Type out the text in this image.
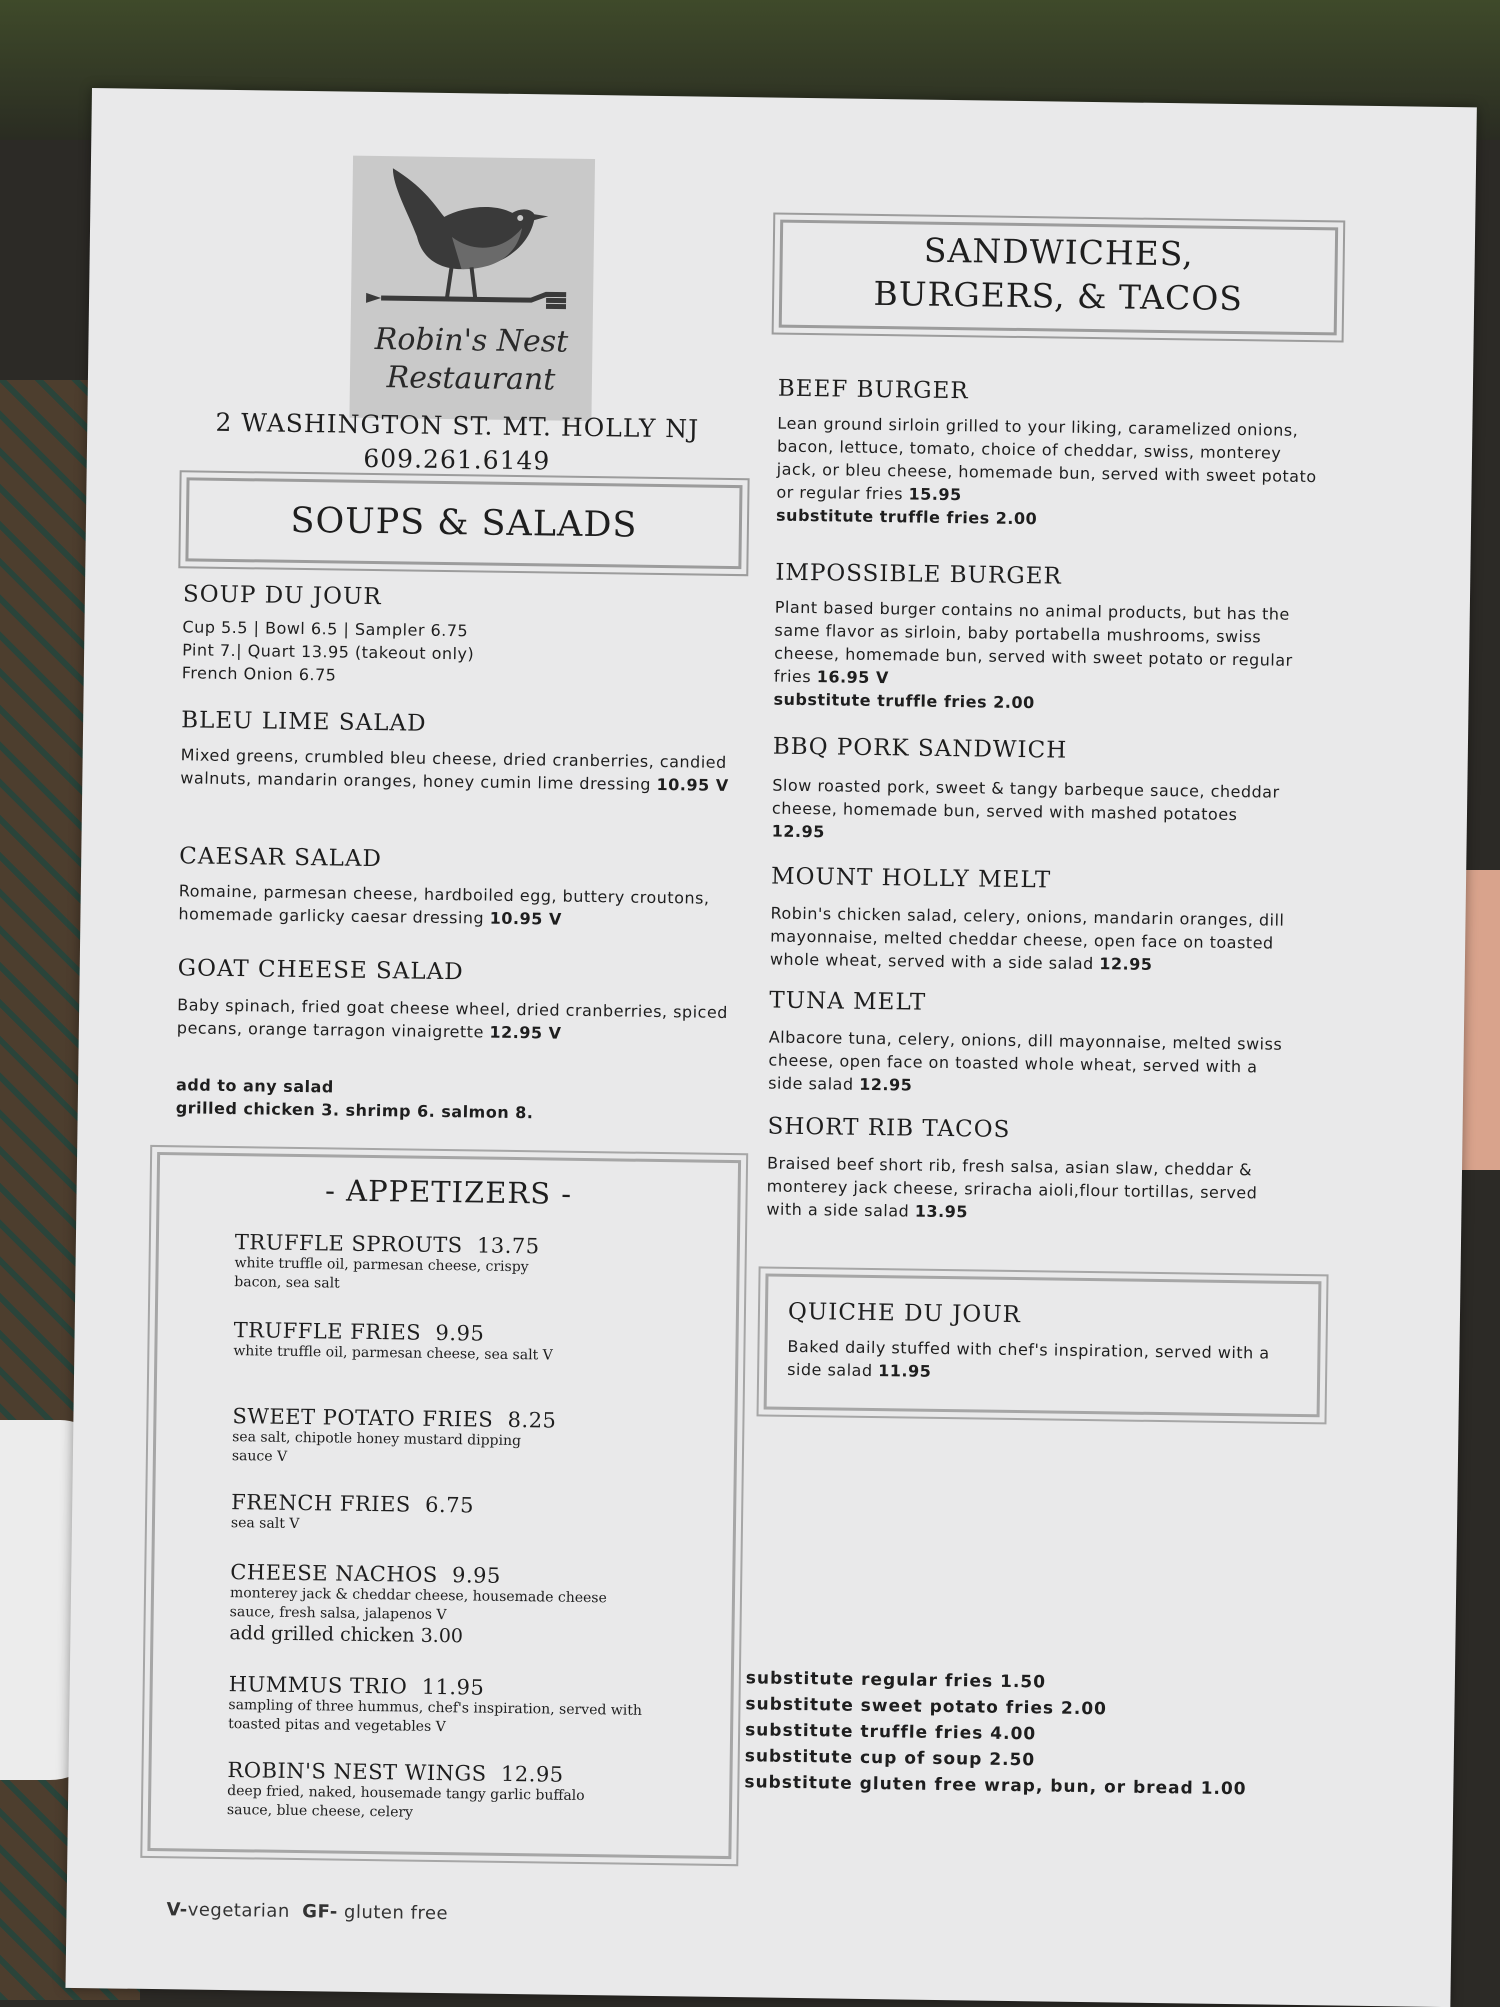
Robin's Nest
Restaurant
2 WASHINGTON ST. MT. HOLLY NJ
609.261.6149
SOUPS & SALADS
SOUP DU JOUR
Cup 5.5 | Bowl 6.5 | Sampler 6.75
Pint 7.| Quart 13.95 (takeout only)
French Onion 6.75
BLEU LIME SALAD
Mixed greens, crumbled bleu cheese, dried cranberries, candied walnuts, mandarin oranges, honey cumin lime dressing 10.95 V
CAESAR SALAD
Romaine, parmesan cheese, hardboiled egg, buttery croutons, homemade garlicky caesar dressing 10.95 V
GOAT CHEESE SALAD
Baby spinach, fried goat cheese wheel, dried cranberries, spiced pecans, orange tarragon vinaigrette 12.95 V
add to any salad
grilled chicken 3. shrimp 6. salmon 8.
- APPETIZERS -
TRUFFLE SPROUTS 13.75
white truffle oil, parmesan cheese, crispy bacon, sea salt
TRUFFLE FRIES 9.95
white truffle oil, parmesan cheese, sea salt V
SWEET POTATO FRIES 8.25
sea salt, chipotle honey mustard dipping sauce V
FRENCH FRIES 6.75
sea salt V
CHEESE NACHOS 9.95
monterey jack & cheddar cheese, housemade cheese sauce, fresh salsa, jalapenos V
add grilled chicken 3.00
HUMMUS TRIO 11.95
sampling of three hummus, chef's inspiration, served with toasted pitas and vegetables V
ROBIN'S NEST WINGS 12.95
deep fried, naked, housemade tangy garlic buffalo sauce, blue cheese, celery
V-vegetarian GF- gluten free
SANDWICHES,
BURGERS, & TACOS
BEEF BURGER
Lean ground sirloin grilled to your liking, caramelized onions, bacon, lettuce, tomato, choice of cheddar, swiss, monterey jack, or bleu cheese, homemade bun, served with sweet potato or regular fries 15.95
substitute truffle fries 2.00
IMPOSSIBLE BURGER
Plant based burger contains no animal products, but has the same flavor as sirloin, baby portabella mushrooms, swiss cheese, homemade bun, served with sweet potato or regular fries 16.95 V
substitute truffle fries 2.00
BBQ PORK SANDWICH
Slow roasted pork, sweet & tangy barbeque sauce, cheddar cheese, homemade bun, served with mashed potatoes 12.95
MOUNT HOLLY MELT
Robin's chicken salad, celery, onions, mandarin oranges, dill mayonnaise, melted cheddar cheese, open face on toasted whole wheat, served with a side salad 12.95
TUNA MELT
Albacore tuna, celery, onions, dill mayonnaise, melted swiss cheese, open face on toasted whole wheat, served with a side salad 12.95
SHORT RIB TACOS
Braised beef short rib, fresh salsa, asian slaw, cheddar & monterey jack cheese, sriracha aioli,flour tortillas, served with a side salad 13.95
QUICHE DU JOUR
Baked daily stuffed with chef's inspiration, served with a side salad 11.95
substitute regular fries 1.50
substitute sweet potato fries 2.00
substitute truffle fries 4.00
substitute cup of soup 2.50
substitute gluten free wrap, bun, or bread 1.00
